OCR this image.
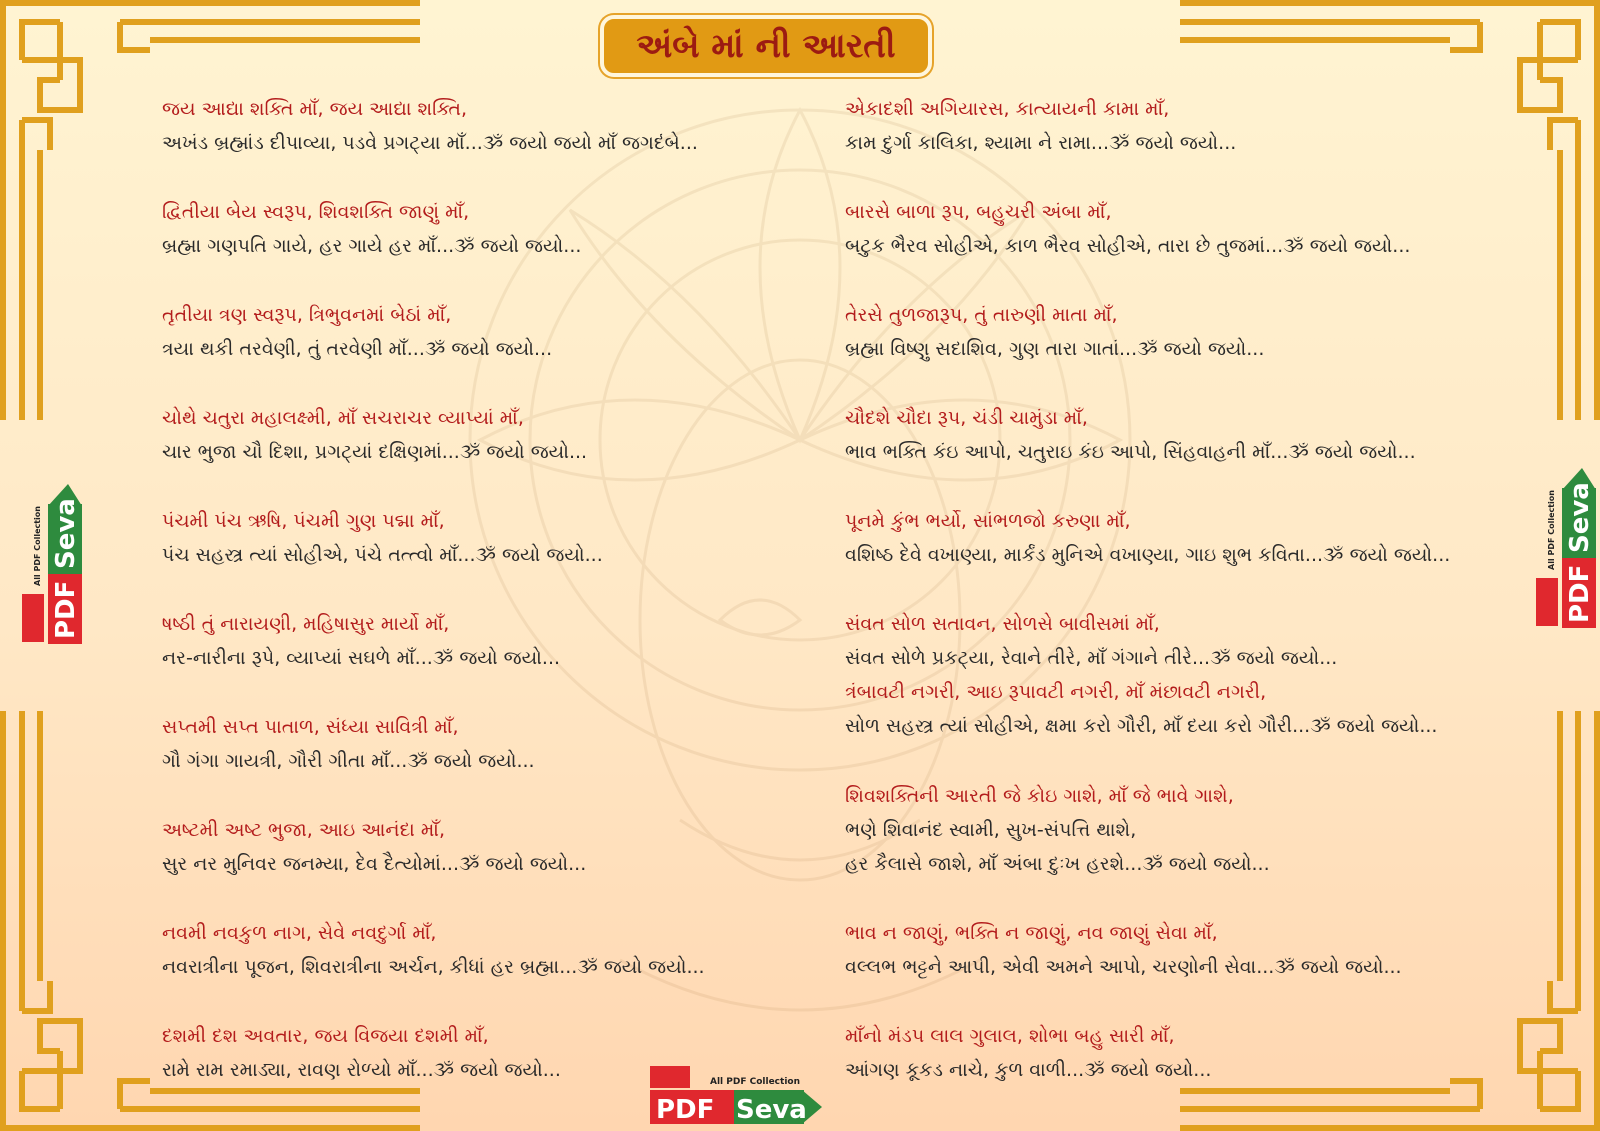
અંબે માં ની આરતી
જય આદ્યા શક્તિ માઁ, જય આદ્યા શક્તિ,
અખંડ બ્રહ્માંડ દીપાવ્યા, પડવે પ્રગટ્યા માઁ...ૐ જયો જયો માઁ જગદંબે...
દ્વિતીયા બેય સ્વરૂપ, શિવશક્તિ જાણું માઁ,
બ્રહ્મા ગણપતિ ગાયે, હર ગાયે હર માઁ...ૐ જયો જયો...
તૃતીયા ત્રણ સ્વરૂપ, ત્રિભુવનમાં બેઠાં માઁ,
ત્રયા થકી તરવેણી, તું તરવેણી માઁ...ૐ જયો જયો...
ચોથે ચતુરા મહાલક્ષ્મી, માઁ સચરાચર વ્યાપ્યાં માઁ,
ચાર ભુજા ચૌ દિશા, પ્રગટ્યાં દક્ષિણમાં...ૐ જયો જયો...
પંચમી પંચ ઋષિ, પંચમી ગુણ પદ્મા માઁ,
પંચ સહસ્ત્ર ત્યાં સોહીએ, પંચે તત્ત્વો માઁ...ૐ જયો જયો...
ષષ્ઠી તું નારાયણી, મહિષાસુર માર્યો માઁ,
નર-નારીના રૂપે, વ્યાપ્યાં સઘળે માઁ...ૐ જયો જયો...
સપ્તમી સપ્ત પાતાળ, સંધ્યા સાવિત્રી માઁ,
ગૌ ગંગા ગાયત્રી, ગૌરી ગીતા માઁ...ૐ જયો જયો...
અષ્ટમી અષ્ટ ભુજા, આઇ આનંદા માઁ,
સુર નર મુનિવર જનમ્યા, દેવ દૈત્યોમાં...ૐ જયો જયો...
નવમી નવકુળ નાગ, સેવે નવદુર્ગા માઁ,
નવરાત્રીના પૂજન, શિવરાત્રીના અર્ચન, કીધાં હર બ્રહ્મા...ૐ જયો જયો...
દશમી દશ અવતાર, જય વિજયા દશમી માઁ,
રામે રામ રમાડ્યા, રાવણ રોળ્યો માઁ...ૐ જયો જયો...
એકાદશી અગિયારસ, કાત્યાયની કામા માઁ,
કામ દુર્ગા કાલિકા, શ્યામા ને રામા...ૐ જયો જયો...
બારસે બાળા રૂપ, બહુચરી અંબા માઁ,
બટુક ભૈરવ સોહીએ, કાળ ભૈરવ સોહીએ, તારા છે તુજમાં...ૐ જયો જયો...
તેરસે તુળજારૂપ, તું તારુણી માતા માઁ,
બ્રહ્મા વિષ્ણુ સદાશિવ, ગુણ તારા ગાતાં...ૐ જયો જયો...
ચૌદશે ચૌદા રૂપ, ચંડી ચામુંડા માઁ,
ભાવ ભક્તિ કંઇ આપો, ચતુરાઇ કંઇ આપો, સિંહવાહની માઁ...ૐ જયો જયો...
પૂનમે કુંભ ભર્યો, સાંભળજો કરુણા માઁ,
વશિષ્ઠ દેવે વખાણ્યા, માર્કંડ મુનિએ વખાણ્યા, ગાઇ શુભ કવિતા...ૐ જયો જયો...
સંવત સોળ સતાવન, સોળસે બાવીસમાં માઁ,
સંવત સોળે પ્રકટ્યા, રેવાને તીરે, માઁ ગંગાને તીરે...ૐ જયો જયો...
ત્રંબાવટી નગરી, આઇ રૂપાવટી નગરી, માઁ મંછાવટી નગરી,
સોળ સહસ્ત્ર ત્યાં સોહીએ, ક્ષમા કરો ગૌરી, માઁ દયા કરો ગૌરી...ૐ જયો જયો...
શિવશક્તિની આરતી જે કોઇ ગાશે, માઁ જે ભાવે ગાશે,
ભણે શિવાનંદ સ્વામી, સુખ-સંપત્તિ થાશે,
હર કૈલાસે જાશે, માઁ અંબા દુઃખ હરશે...ૐ જયો જયો...
ભાવ ન જાણું, ભક્તિ ન જાણું, નવ જાણું સેવા માઁ,
વલ્લભ ભટ્ટને આપી, એવી અમને આપો, ચરણોની સેવા...ૐ જયો જયો...
માઁનો મંડપ લાલ ગુલાલ, શોભા બહુ સારી માઁ,
આંગણ કૂકડ નાચે, કુળ વાળી...ૐ જયો જયો...
Seva
PDF
All PDF Collection	Seva
PDF
All PDF Collection
All PDF Collection
PDF Seva
